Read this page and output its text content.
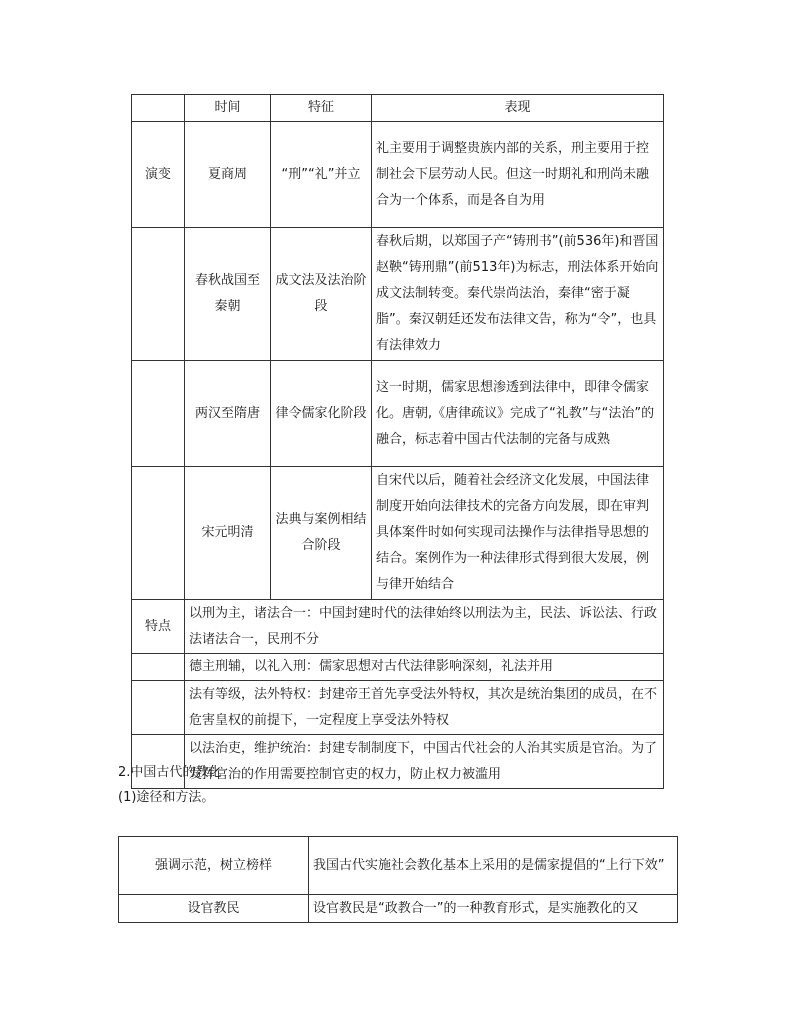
	时间	特征	表现
演变	夏商周	“刑”“礼”并立	礼主要用于调整贵族内部的关系，刑主要用于控制社会下层劳动人民。但这一时期礼和刑尚未融合为一个体系，而是各自为用
	春秋战国至秦朝	成文法及法治阶段	春秋后期，以郑国子产“铸刑书”(前536年)和晋国赵鞅“铸刑鼎”(前513年)为标志，刑法体系开始向成文法制转变。秦代崇尚法治，秦律“密于凝脂”。秦汉朝廷还发布法律文告，称为“令”，也具有法律效力
	两汉至隋唐	律令儒家化阶段	这一时期，儒家思想渗透到法律中，即律令儒家化。唐朝,《唐律疏议》完成了“礼教”与“法治”的融合，标志着中国古代法制的完备与成熟
	宋元明清	法典与案例相结合阶段	自宋代以后，随着社会经济文化发展，中国法律制度开始向法律技术的完备方向发展，即在审判具体案件时如何实现司法操作与法律指导思想的结合。案例作为一种法律形式得到很大发展，例与律开始结合
特点	以刑为主，诸法合一：中国封建时代的法律始终以刑法为主，民法、诉讼法、行政法诸法合一，民刑不分		
	德主刑辅，以礼入刑：儒家思想对古代法律影响深刻，礼法并用		
	法有等级，法外特权：封建帝王首先享受法外特权，其次是统治集团的成员，在不危害皇权的前提下，一定程度上享受法外特权		
	以法治吏，维护统治：封建专制制度下，中国古代社会的人治其实质是官治。为了发挥官治的作用需要控制官吏的权力，防止权力被滥用		

2.中国古代的教化

(1)途径和方法。

强调示范，树立榜样	我国古代实施社会教化基本上采用的是儒家提倡的“上行下效”
设官教民	设官教民是“政教合一”的一种教育形式，是实施教化的又
